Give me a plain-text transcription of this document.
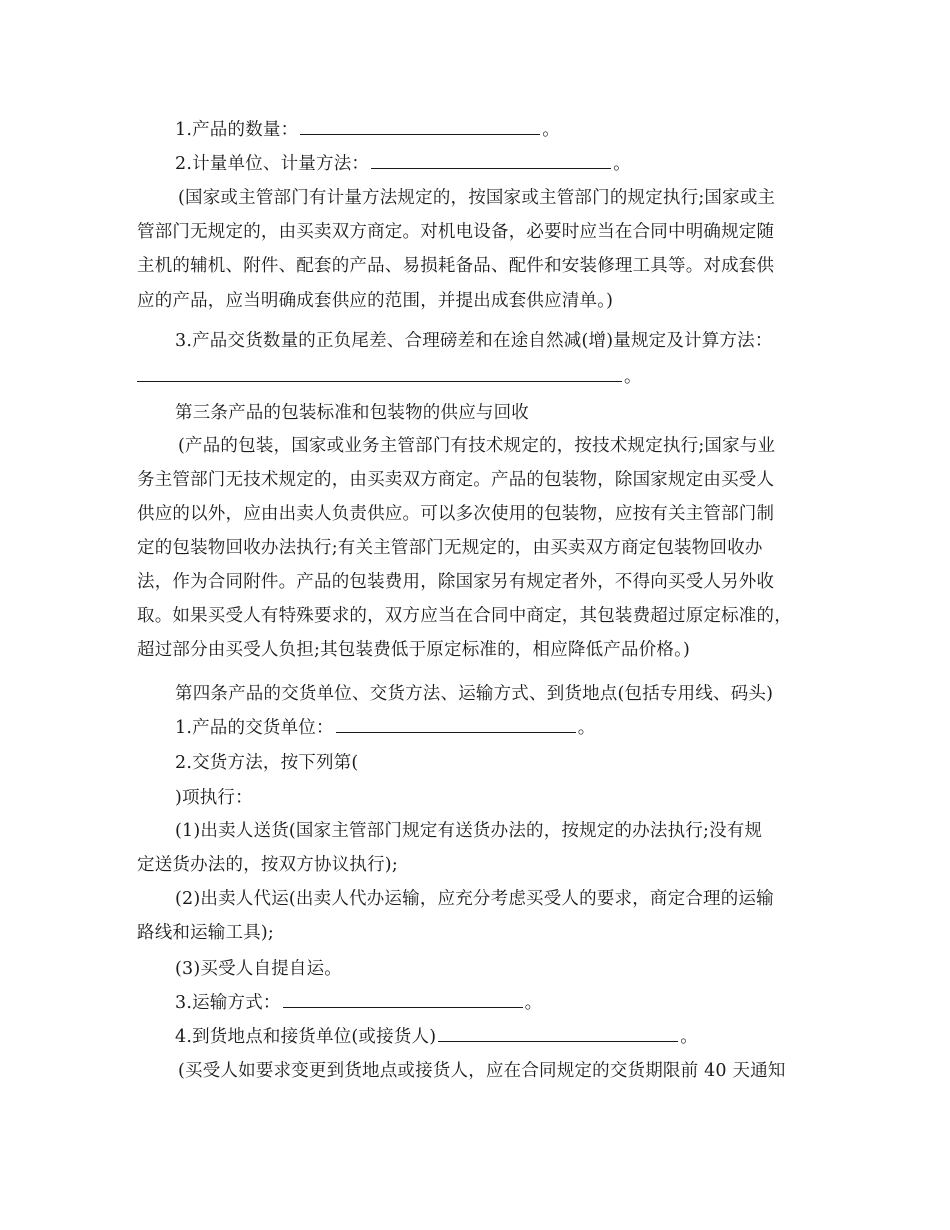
1.产品的数量：	。
2.计量单位、计量方法：	。
(国家或主管部门有计量方法规定的，按国家或主管部门的规定执行;国家或主
管部门无规定的，由买卖双方商定。对机电设备，必要时应当在合同中明确规定随
主机的辅机、附件、配套的产品、易损耗备品、配件和安装修理工具等。对成套供
应的产品，应当明确成套供应的范围，并提出成套供应清单。)
3.产品交货数量的正负尾差、合理磅差和在途自然减(增)量规定及计算方法：
。
第三条产品的包装标准和包装物的供应与回收
(产品的包装，国家或业务主管部门有技术规定的，按技术规定执行;国家与业
务主管部门无技术规定的，由买卖双方商定。产品的包装物，除国家规定由买受人
供应的以外，应由出卖人负责供应。可以多次使用的包装物，应按有关主管部门制
定的包装物回收办法执行;有关主管部门无规定的，由买卖双方商定包装物回收办
法，作为合同附件。产品的包装费用，除国家另有规定者外，不得向买受人另外收
取。如果买受人有特殊要求的，双方应当在合同中商定，其包装费超过原定标准的，
超过部分由买受人负担;其包装费低于原定标准的，相应降低产品价格。)
第四条产品的交货单位、交货方法、运输方式、到货地点(包括专用线、码头)
1.产品的交货单位：	。
2.交货方法，按下列第(
)项执行：
(1)出卖人送货(国家主管部门规定有送货办法的，按规定的办法执行;没有规
定送货办法的，按双方协议执行);
(2)出卖人代运(出卖人代办运输，应充分考虑买受人的要求，商定合理的运输
路线和运输工具);
(3)买受人自提自运。
3.运输方式：	。
4.到货地点和接货单位(或接货人)	。
(买受人如要求变更到货地点或接货人，应在合同规定的交货期限前 40 天通知
